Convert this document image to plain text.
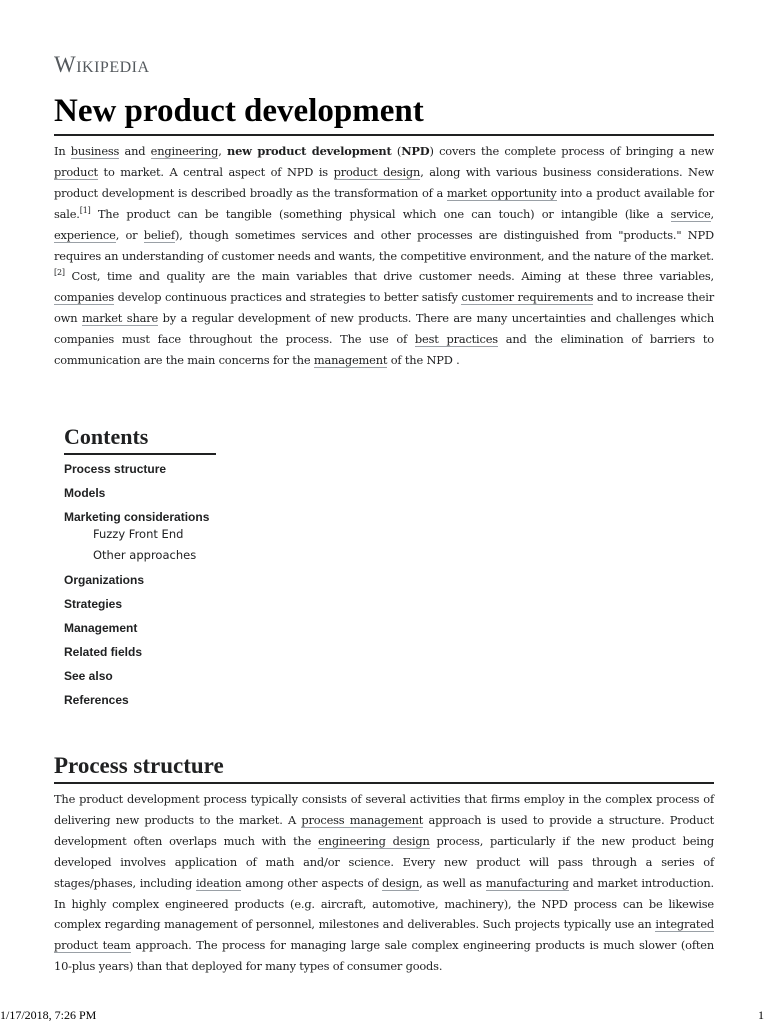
Wikipedia
New product development

In business and engineering, new product development (NPD) covers the complete process of bringing a new product to market. A central aspect of NPD is product design, along with various business considerations. New product development is described broadly as the transformation of a market opportunity into a product available for sale.[1] The product can be tangible (something physical which one can touch) or intangible (like a service, experience, or belief), though sometimes services and other processes are distinguished from "products." NPD requires an understanding of customer needs and wants, the competitive environment, and the nature of the market.[2] Cost, time and quality are the main variables that drive customer needs. Aiming at these three variables, companies develop continuous practices and strategies to better satisfy customer requirements and to increase their own market share by a regular development of new products. There are many uncertainties and challenges which companies must face throughout the process. The use of best practices and the elimination of barriers to communication are the main concerns for the management of the NPD .

Contents
Process structure
Models
Marketing considerations
Fuzzy Front End
Other approaches
Organizations
Strategies
Management
Related fields
See also
References
Process structure

The product development process typically consists of several activities that firms employ in the complex process of delivering new products to the market. A process management approach is used to provide a structure. Product development often overlaps much with the engineering design process, particularly if the new product being developed involves application of math and/or science. Every new product will pass through a series of stages/phases, including ideation among other aspects of design, as well as manufacturing and market introduction. In highly complex engineered products (e.g. aircraft, automotive, machinery), the NPD process can be likewise complex regarding management of personnel, milestones and deliverables. Such projects typically use an integrated product team approach. The process for managing large sale complex engineering products is much slower (often 10-plus years) than that deployed for many types of consumer goods.

1/17/2018, 7:26 PM	1
